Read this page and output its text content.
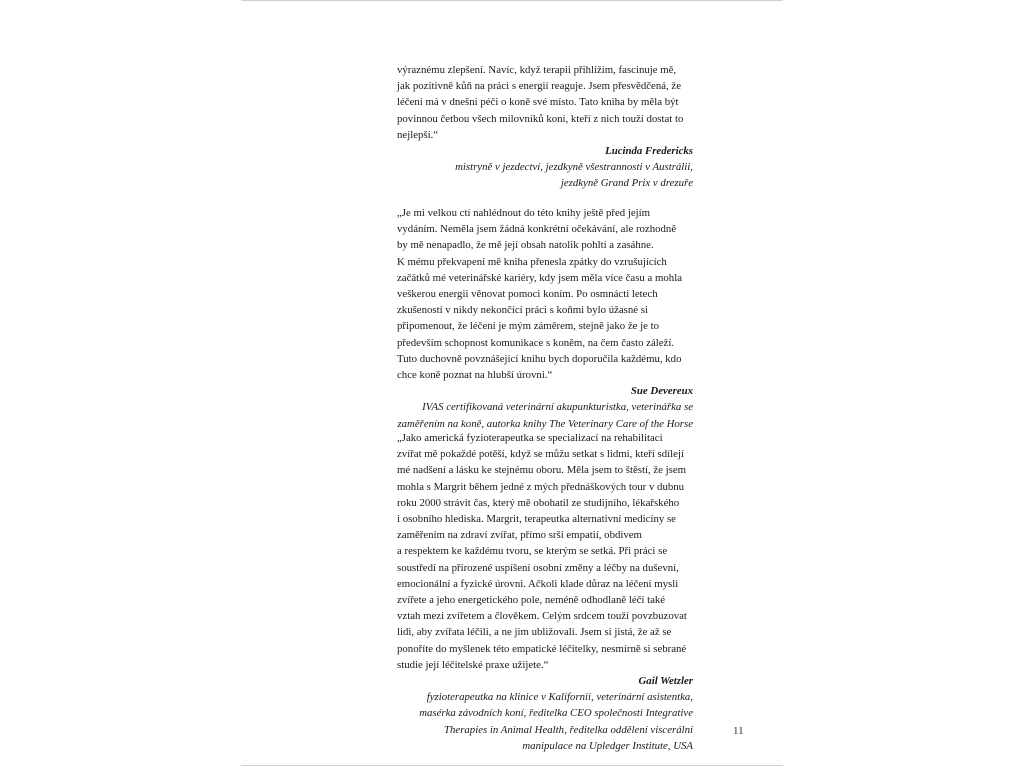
výraznému zlepšení. Navíc, když terapii přihlížím, fascinuje mě,
jak pozitivně kůň na práci s energií reaguje. Jsem přesvědčená, že
léčení má v dnešní péči o koně své místo. Tato kniha by měla být
povinnou četbou všech milovníků koní, kteří z nich touží dostat to
nejlepší.“

Lucinda Fredericks

mistryně v jezdectví, jezdkyně všestrannosti v Austrálii,
jezdkyně Grand Prix v drezuře

„Je mi velkou ctí nahlédnout do této knihy ještě před jejím
vydáním. Neměla jsem žádná konkrétní očekávání, ale rozhodně
by mě nenapadlo, že mě její obsah natolik pohltí a zasáhne.
K mému překvapení mě kniha přenesla zpátky do vzrušujících
začátků mé veterinářské kariéry, kdy jsem měla více času a mohla
veškerou energii věnovat pomoci koním. Po osmnácti letech
zkušeností v nikdy nekončící práci s koňmi bylo úžasné si
připomenout, že léčení je mým záměrem, stejně jako že je to
především schopnost komunikace s koněm, na čem často záleží.
Tuto duchovně povznášející knihu bych doporučila každému, kdo
chce koně poznat na hlubší úrovni.“

Sue Devereux

IVAS certifikovaná veterinární akupunkturistka, veterinářka se
zaměřením na koně, autorka knihy The Veterinary Care of the Horse

„Jako americká fyzioterapeutka se specializací na rehabilitaci
zvířat mě pokaždé potěší, když se můžu setkat s lidmi, kteří sdílejí
mé nadšení a lásku ke stejnému oboru. Měla jsem to štěstí, že jsem
mohla s Margrit během jedné z mých přednáškových tour v dubnu
roku 2000 strávit čas, který mě obohatil ze studijního, lékařského
i osobního hlediska. Margrit, terapeutka alternativní medicíny se
zaměřením na zdraví zvířat, přímo srší empatií, obdivem
a respektem ke každému tvoru, se kterým se setká. Při práci se
soustředí na přirozené uspíšení osobní změny a léčby na duševní,
emocionální a fyzické úrovni. Ačkoli klade důraz na léčení mysli
zvířete a jeho energetického pole, neméně odhodlaně léčí také
vztah mezi zvířetem a člověkem. Celým srdcem touží povzbuzovat
lidi, aby zvířata léčili, a ne jim ubližovali. Jsem si jistá, že až se
ponoříte do myšlenek této empatické léčitelky, nesmírně si sebrané
studie její léčitelské praxe užijete.“

Gail Wetzler

fyzioterapeutka na klinice v Kalifornii, veterinární asistentka,
masérka závodních koní, ředitelka CEO společnosti Integrative
Therapies in Animal Health, ředitelka oddělení viscerální
manipulace na Upledger Institute, USA

11
